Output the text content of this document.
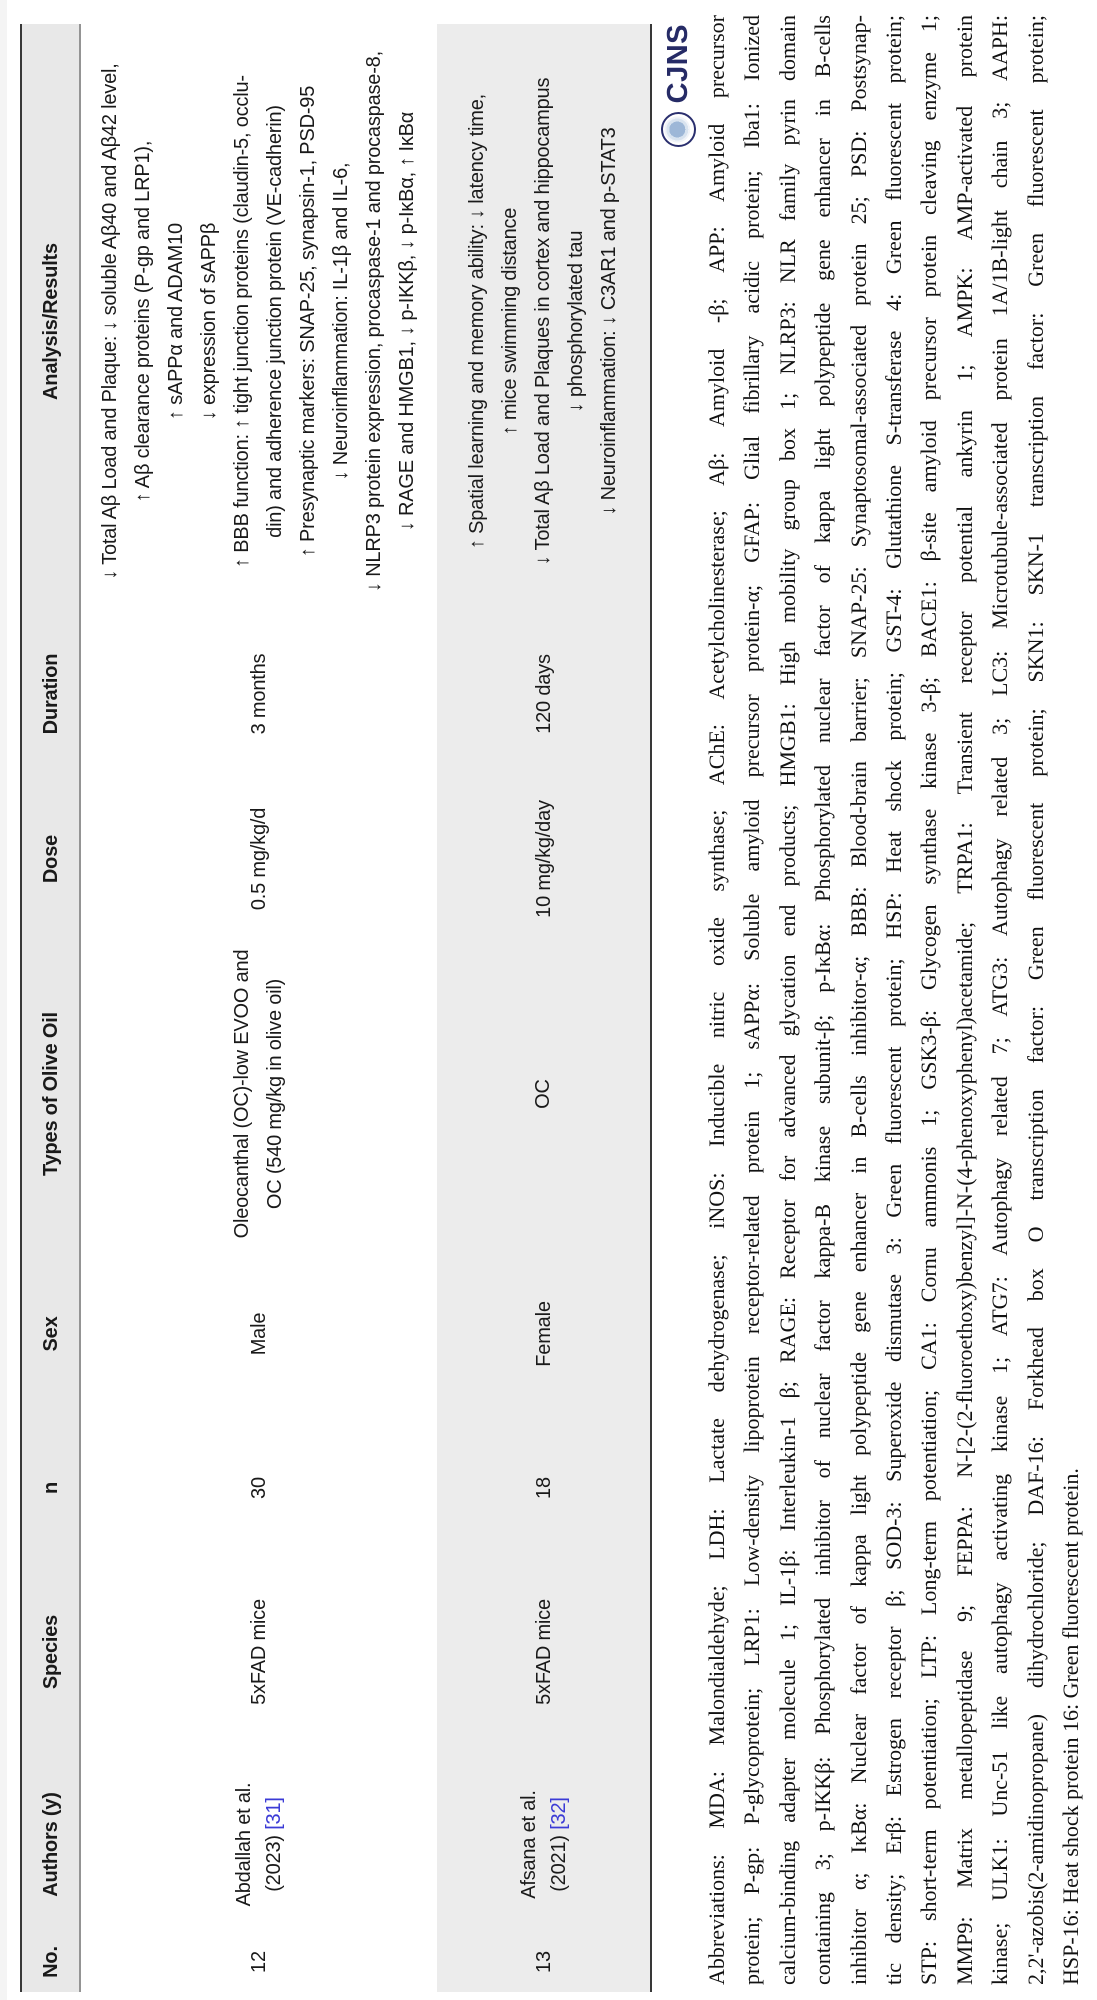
No.
Authors (y)
Species
n
Sex
Types of Olive Oil
Dose
Duration
Analysis/Results
12
Abdallah et al. (2023) [31]
5xFAD mice
30
Male
Oleocanthal (OC)-low EVOO and OC (540 mg/kg in olive oil)
0.5 mg/kg/d
3 months
↓ Total Aβ Load and Plaque: ↓ soluble Aβ40 and Aβ42 level, ↑ Aβ clearance proteins (P-gp and LRP1), ↑ sAPPα and ADAM10 ↓ expression of sAPPβ ↑ BBB function: ↑ tight junction proteins (claudin-5, occlu- din) and adherence junction protein (VE-cadherin) ↑ Presynaptic markers: SNAP-25, synapsin-1, PSD-95 ↓ Neuroinflammation: IL-1β and IL-6, ↓ NLRP3 protein expression, procaspase-1 and procaspase-8, ↓ RAGE and HMGB1, ↓ p-IKKβ, ↓ p-IκBα, ↑ IκBα
13
Afsana et al. (2021) [32]
5xFAD mice
18
Female
OC
10 mg/kg/day
120 days
↑ Spatial learning and memory ability: ↓ latency time, ↑ mice swimming distance ↓ Total Aβ Load and Plaques in cortex and hippocampus ↓ phosphorylated tau ↓ Neuroinflammation: ↓ C3AR1 and p-STAT3
CJNS Abbreviations: MDA: Malondialdehyde; LDH: Lactate dehydrogenase; iNOS: Inducible nitric oxide synthase; AChE: Acetylcholinesterase; Aβ: Amyloid -β; APP: Amyloid precursor protein; P-gp: P-glycoprotein; LRP1: Low-density lipoprotein receptor-related protein 1; sAPPα: Soluble amyloid precursor protein-α; GFAP: Glial fibrillary acidic protein; Iba1: Ionized calcium-binding adapter molecule 1; IL-1β: Interleukin-1 β; RAGE: Receptor for advanced glycation end products; HMGB1: High mobility group box 1; NLRP3: NLR family pyrin domain containing 3; p-IKKβ: Phosphorylated inhibitor of nuclear factor kappa-B kinase subunit-β; p-IκBα: Phosphorylated nuclear factor of kappa light polypeptide gene enhancer in B-cells inhibitor α; IκBα: Nuclear factor of kappa light polypeptide gene enhancer in B-cells inhibitor-α; BBB: Blood-brain barrier; SNAP-25: Synaptosomal-associated protein 25; PSD: Postsynap- tic density; Erβ: Estrogen receptor β; SOD-3: Superoxide dismutase 3: Green fluorescent protein; HSP: Heat shock protein; GST-4: Glutathione S-transferase 4: Green fluorescent protein; STP: short-term potentiation; LTP: Long-term potentiation; CA1: Cornu ammonis 1; GSK3-β: Glycogen synthase kinase 3-β; BACE1: β-site amyloid precursor protein cleaving enzyme 1; MMP9: Matrix metallopeptidase 9; FEPPA: N-[2-(2-fluoroethoxy)benzyl]-N-(4-phenoxyphenyl)acetamide; TRPA1: Transient receptor potential ankyrin 1; AMPK: AMP-activated protein kinase; ULK1: Unc-51 like autophagy activating kinase 1; ATG7: Autophagy related 7; ATG3: Autophagy related 3; LC3: Microtubule-associated protein 1A/1B-light chain 3; AAPH: 2,2'-azobis(2-amidinopropane) dihydrochloride; DAF-16: Forkhead box O transcription factor: Green fluorescent protein; SKN1: SKN-1 transcription factor: Green fluorescent protein; HSP-16: Heat shock protein 16: Green fluorescent protein.
